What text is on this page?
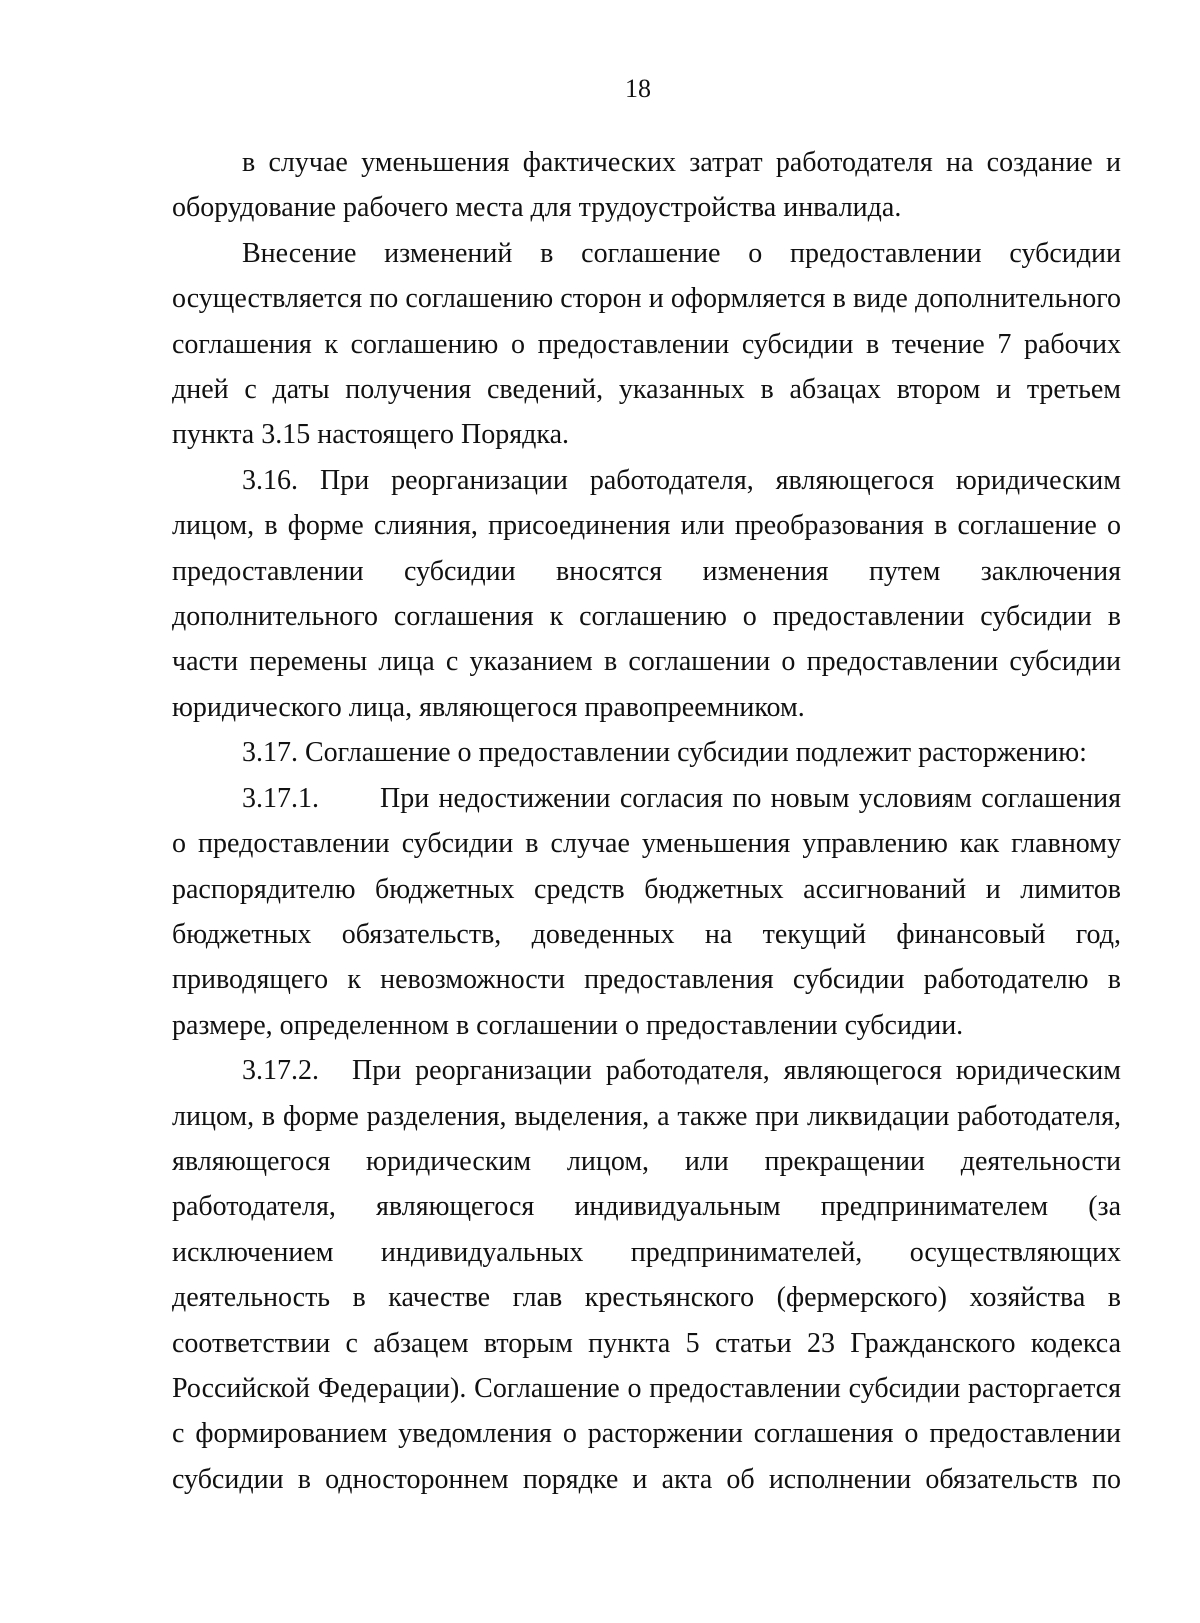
18

в случае уменьшения фактических затрат работодателя на создание и оборудование рабочего места для трудоустройства инвалида.

Внесение изменений в соглашение о предоставлении субсидии осуществляется по соглашению сторон и оформляется в виде дополнительного соглашения к соглашению о предоставлении субсидии в течение 7 рабочих дней с даты получения сведений, указанных в абзацах втором и третьем пункта 3.15 настоящего Порядка.

3.16. При реорганизации работодателя, являющегося юридическим лицом, в форме слияния, присоединения или преобразования в соглашение о предоставлении субсидии вносятся изменения путем заключения дополнительного соглашения к соглашению о предоставлении субсидии в части перемены лица с указанием в соглашении о предоставлении субсидии юридического лица, являющегося правопреемником.

3.17. Соглашение о предоставлении субсидии подлежит расторжению:

3.17.1. При недостижении согласия по новым условиям соглашения о предоставлении субсидии в случае уменьшения управлению как главному распорядителю бюджетных средств бюджетных ассигнований и лимитов бюджетных обязательств, доведенных на текущий финансовый год, приводящего к невозможности предоставления субсидии работодателю в размере, определенном в соглашении о предоставлении субсидии.

3.17.2. При реорганизации работодателя, являющегося юридическим лицом, в форме разделения, выделения, а также при ликвидации работодателя, являющегося юридическим лицом, или прекращении деятельности работодателя, являющегося индивидуальным предпринимателем (за исключением индивидуальных предпринимателей, осуществляющих деятельность в качестве глав крестьянского (фермерского) хозяйства в соответствии с абзацем вторым пункта 5 статьи 23 Гражданского кодекса Российской Федерации). Соглашение о предоставлении субсидии расторгается с формированием уведомления о расторжении соглашения о предоставлении субсидии в одностороннем порядке и акта об исполнении обязательств по
